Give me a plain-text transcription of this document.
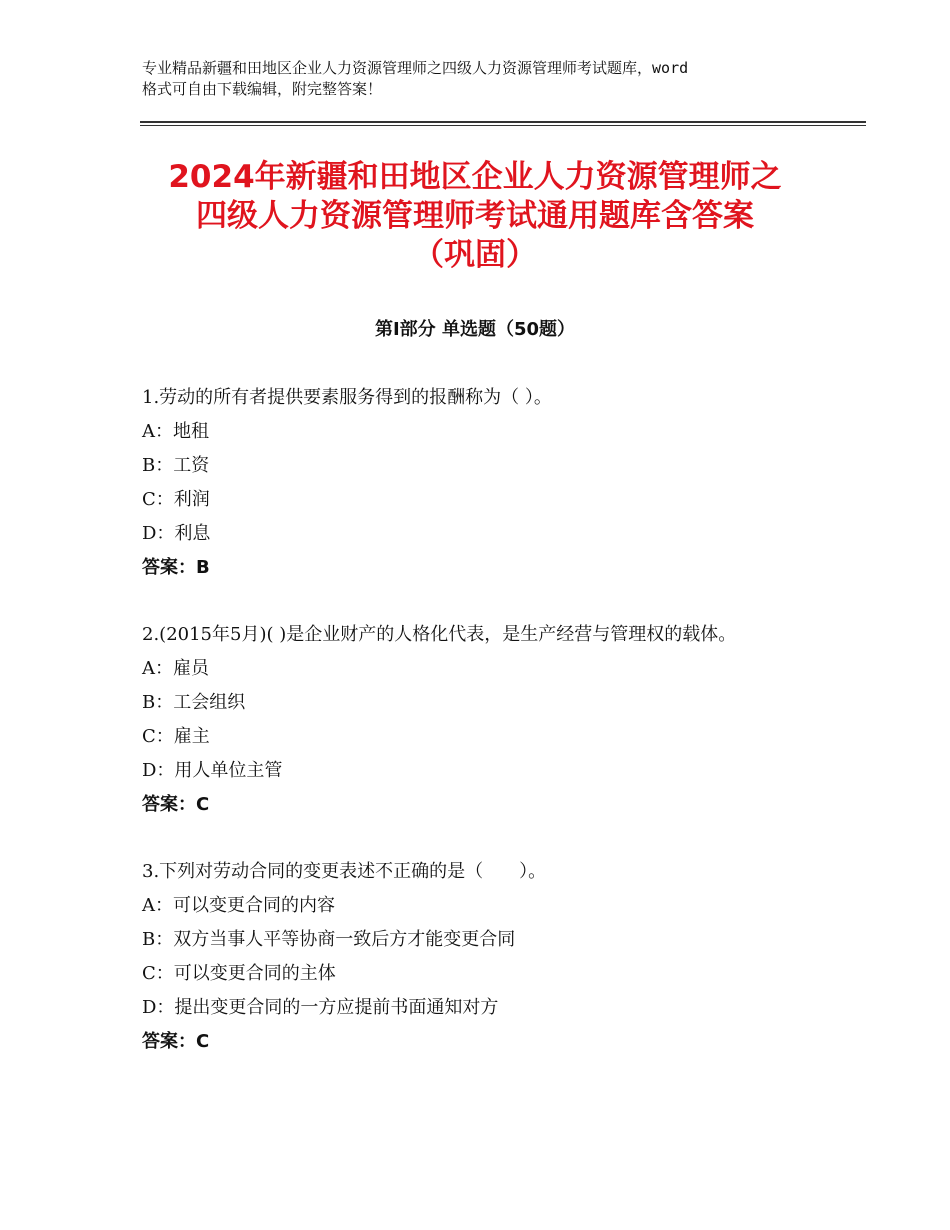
专业精品新疆和田地区企业人力资源管理师之四级人力资源管理师考试题库，word
格式可自由下载编辑，附完整答案！
2024年新疆和田地区企业人力资源管理师之
四级人力资源管理师考试通用题库含答案
（巩固）
第Ⅰ部分 单选题（50题）

1.劳动的所有者提供要素服务得到的报酬称为（ ）。

A：地租

B：工资

C：利润

D：利息

答案：B

2.(2015年5月)( )是企业财产的人格化代表，是生产经营与管理权的载体。

A：雇员

B：工会组织

C：雇主

D：用人单位主管

答案：C

3.下列对劳动合同的变更表述不正确的是（　　）。

A：可以变更合同的内容

B：双方当事人平等协商一致后方才能变更合同

C：可以变更合同的主体

D：提出变更合同的一方应提前书面通知对方

答案：C
